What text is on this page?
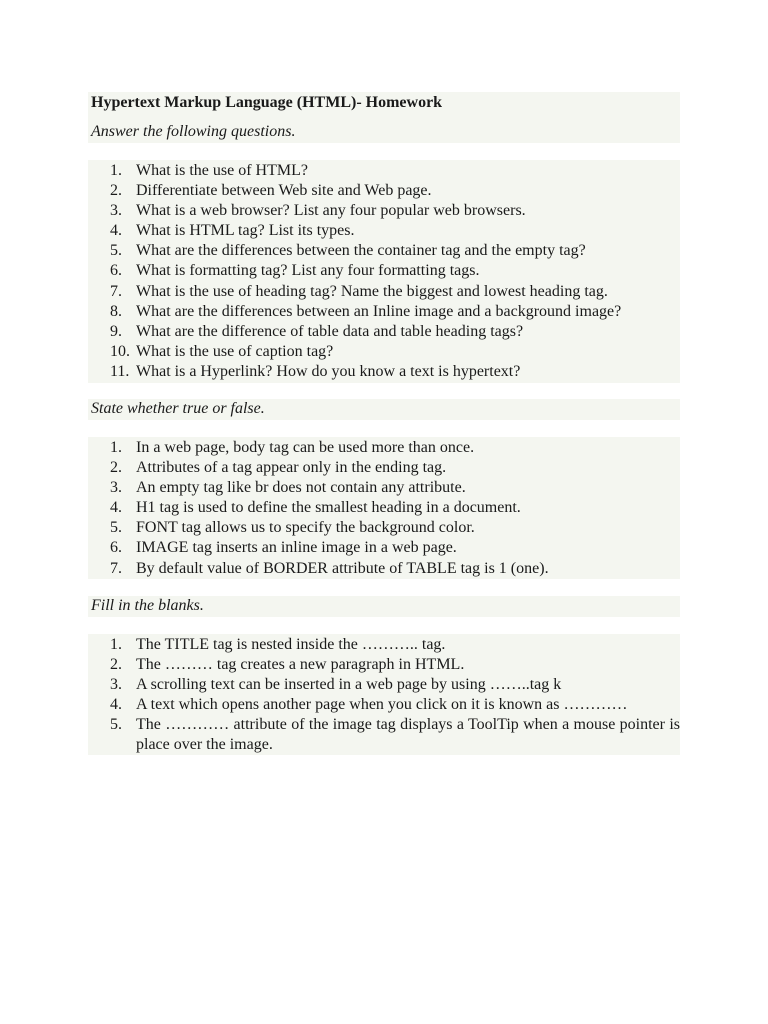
Hypertext Markup Language (HTML)- Homework
Answer the following questions.
1. What is the use of HTML?
2. Differentiate between Web site and Web page.
3. What is a web browser? List any four popular web browsers.
4. What is HTML tag? List its types.
5. What are the differences between the container tag and the empty tag?
6. What is formatting tag? List any four formatting tags.
7. What is the use of heading tag? Name the biggest and lowest heading tag.
8. What are the differences between an Inline image and a background image?
9. What are the difference of table data and table heading tags?
10. What is the use of caption tag?
11. What is a Hyperlink? How do you know a text is hypertext?
State whether true or false.
1. In a web page, body tag can be used more than once.
2. Attributes of a tag appear only in the ending tag.
3. An empty tag like br does not contain any attribute.
4. H1 tag is used to define the smallest heading in a document.
5. FONT tag allows us to specify the background color.
6. IMAGE tag inserts an inline image in a web page.
7. By default value of BORDER attribute of TABLE tag is 1 (one).
Fill in the blanks.
1. The TITLE tag is nested inside the ……….. tag.
2. The ……… tag creates a new paragraph in HTML.
3. A scrolling text can be inserted in a web page by using ……..tag k
4. A text which opens another page when you click on it is known as …………
5. The ………… attribute of the image tag displays a ToolTip when a mouse pointer is place over the image.
